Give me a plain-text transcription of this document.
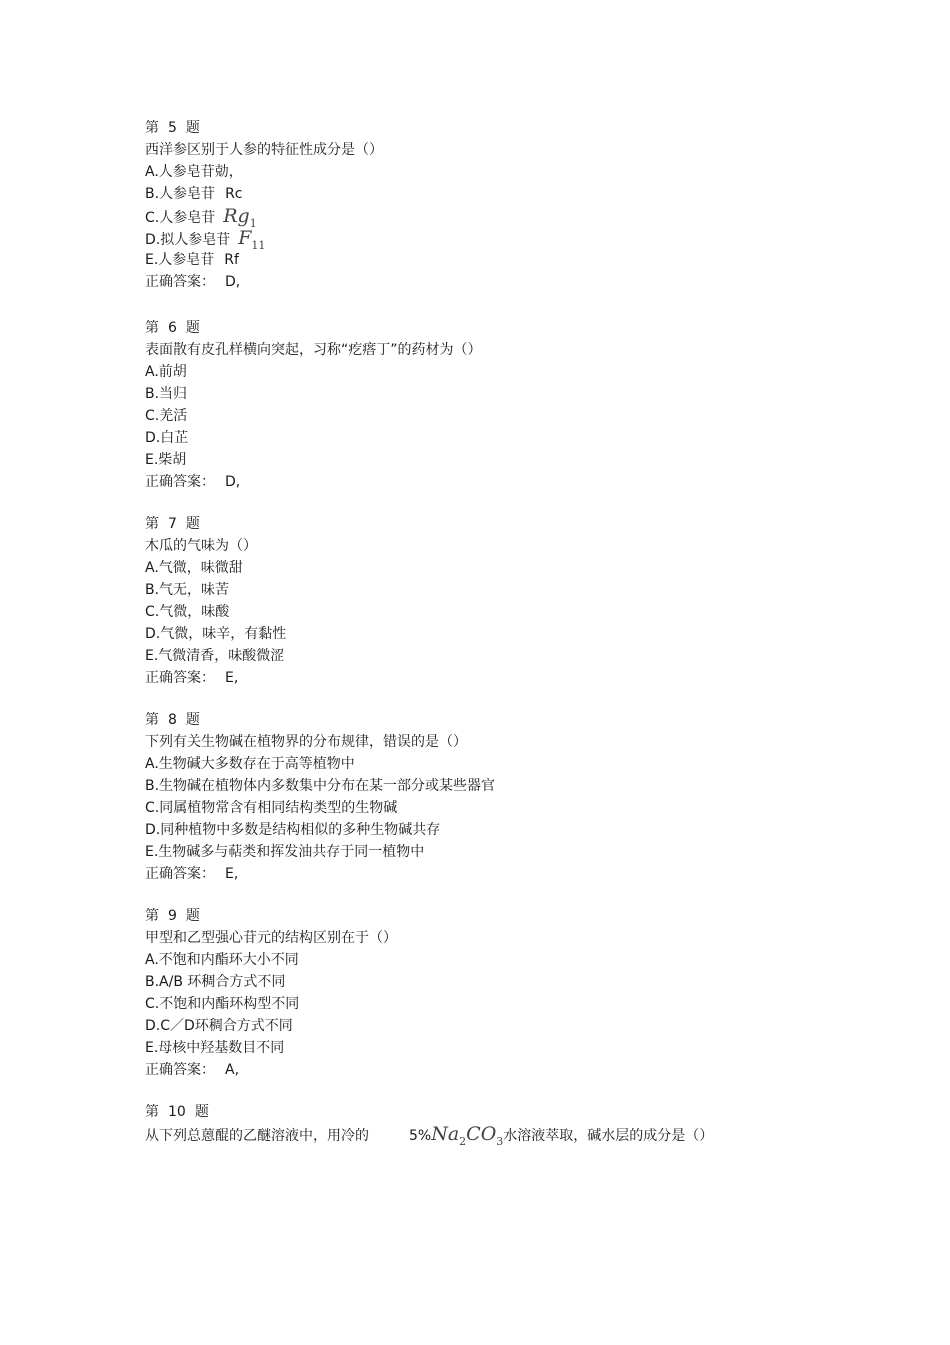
第 5 题
西洋参区别于人参的特征性成分是（）
A.人参皂苷勀，
B.人参皂苷 Rc
C.人参皂苷 $Rg_1$
D.拟人参皂苷 $F_{11}$
E.人参皂苷 Rf
正确答案： D,
第 6 题
表面散有皮孔样横向突起，习称“疙瘩丁”的药材为（）
A.前胡
B.当归
C.羌活
D.白芷
E.柴胡
正确答案： D,
第 7 题
木瓜的气味为（）
A.气微，味微甜
B.气无，味苦
C.气微，味酸
D.气微，味辛，有黏性
E.气微清香，味酸微涩
正确答案： E,
第 8 题
下列有关生物碱在植物界的分布规律，错误的是（）
A.生物碱大多数存在于高等植物中
B.生物碱在植物体内多数集中分布在某一部分或某些器官
C.同属植物常含有相同结构类型的生物碱
D.同种植物中多数是结构相似的多种生物碱共存
E.生物碱多与萜类和挥发油共存于同一植物中
正确答案： E,
第 9 题
甲型和乙型强心苷元的结构区别在于（）
A.不饱和内酯环大小不同
B.A/B 环稠合方式不同
C.不饱和内酯环构型不同
D.C／D环稠合方式不同
E.母核中羟基数目不同
正确答案： A,
第 10 题
从下列总蒽醌的乙醚溶液中，用冷的	$5\%Na_2CO_3$水溶液萃取，碱水层的成分是（）
